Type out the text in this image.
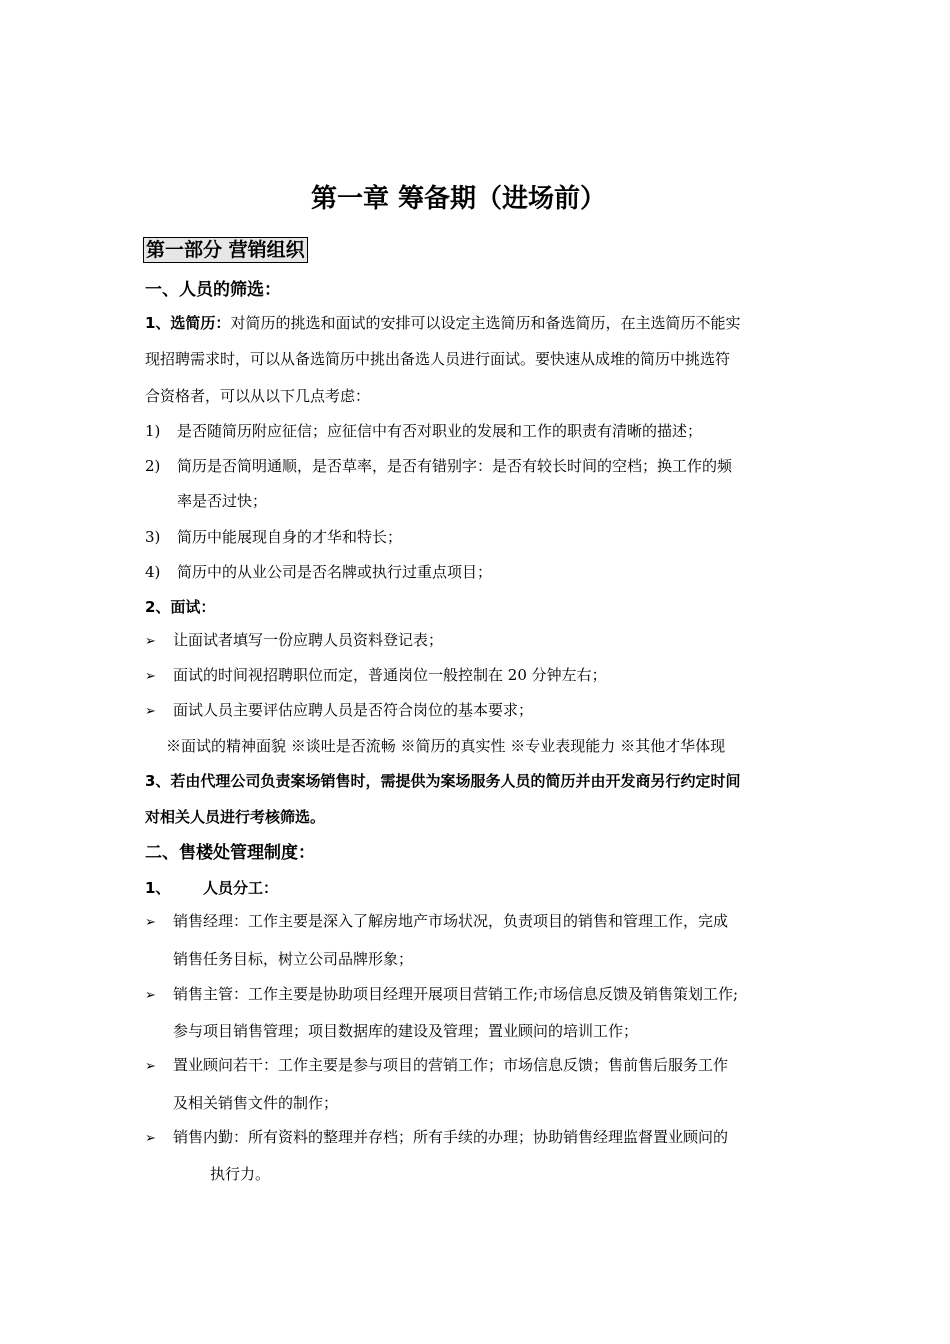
第一章 筹备期（进场前）
第一部分 营销组织
一、人员的筛选：
1、选简历：对简历的挑选和面试的安排可以设定主选简历和备选简历，在主选简历不能实
现招聘需求时，可以从备选简历中挑出备选人员进行面试。要快速从成堆的简历中挑选符
合资格者，可以从以下几点考虑：
1) 是否随简历附应征信；应征信中有否对职业的发展和工作的职责有清晰的描述；
2) 简历是否简明通顺，是否草率，是否有错别字：是否有较长时间的空档；换工作的频
率是否过快；
3) 简历中能展现自身的才华和特长；
4) 简历中的从业公司是否名牌或执行过重点项目；
2、面试：
➢ 让面试者填写一份应聘人员资料登记表；
➢ 面试的时间视招聘职位而定，普通岗位一般控制在 20 分钟左右；
➢ 面试人员主要评估应聘人员是否符合岗位的基本要求；
※面试的精神面貌 ※谈吐是否流畅 ※简历的真实性 ※专业表现能力 ※其他才华体现
3、若由代理公司负责案场销售时，需提供为案场服务人员的简历并由开发商另行约定时间
对相关人员进行考核筛选。
二、售楼处管理制度：
1、 人员分工：
➢ 销售经理：工作主要是深入了解房地产市场状况，负责项目的销售和管理工作，完成
销售任务目标，树立公司品牌形象；
➢ 销售主管：工作主要是协助项目经理开展项目营销工作;市场信息反馈及销售策划工作;
参与项目销售管理；项目数据库的建设及管理；置业顾问的培训工作；
➢ 置业顾问若干：工作主要是参与项目的营销工作；市场信息反馈；售前售后服务工作
及相关销售文件的制作；
➢ 销售内勤：所有资料的整理并存档；所有手续的办理；协助销售经理监督置业顾问的
执行力。
